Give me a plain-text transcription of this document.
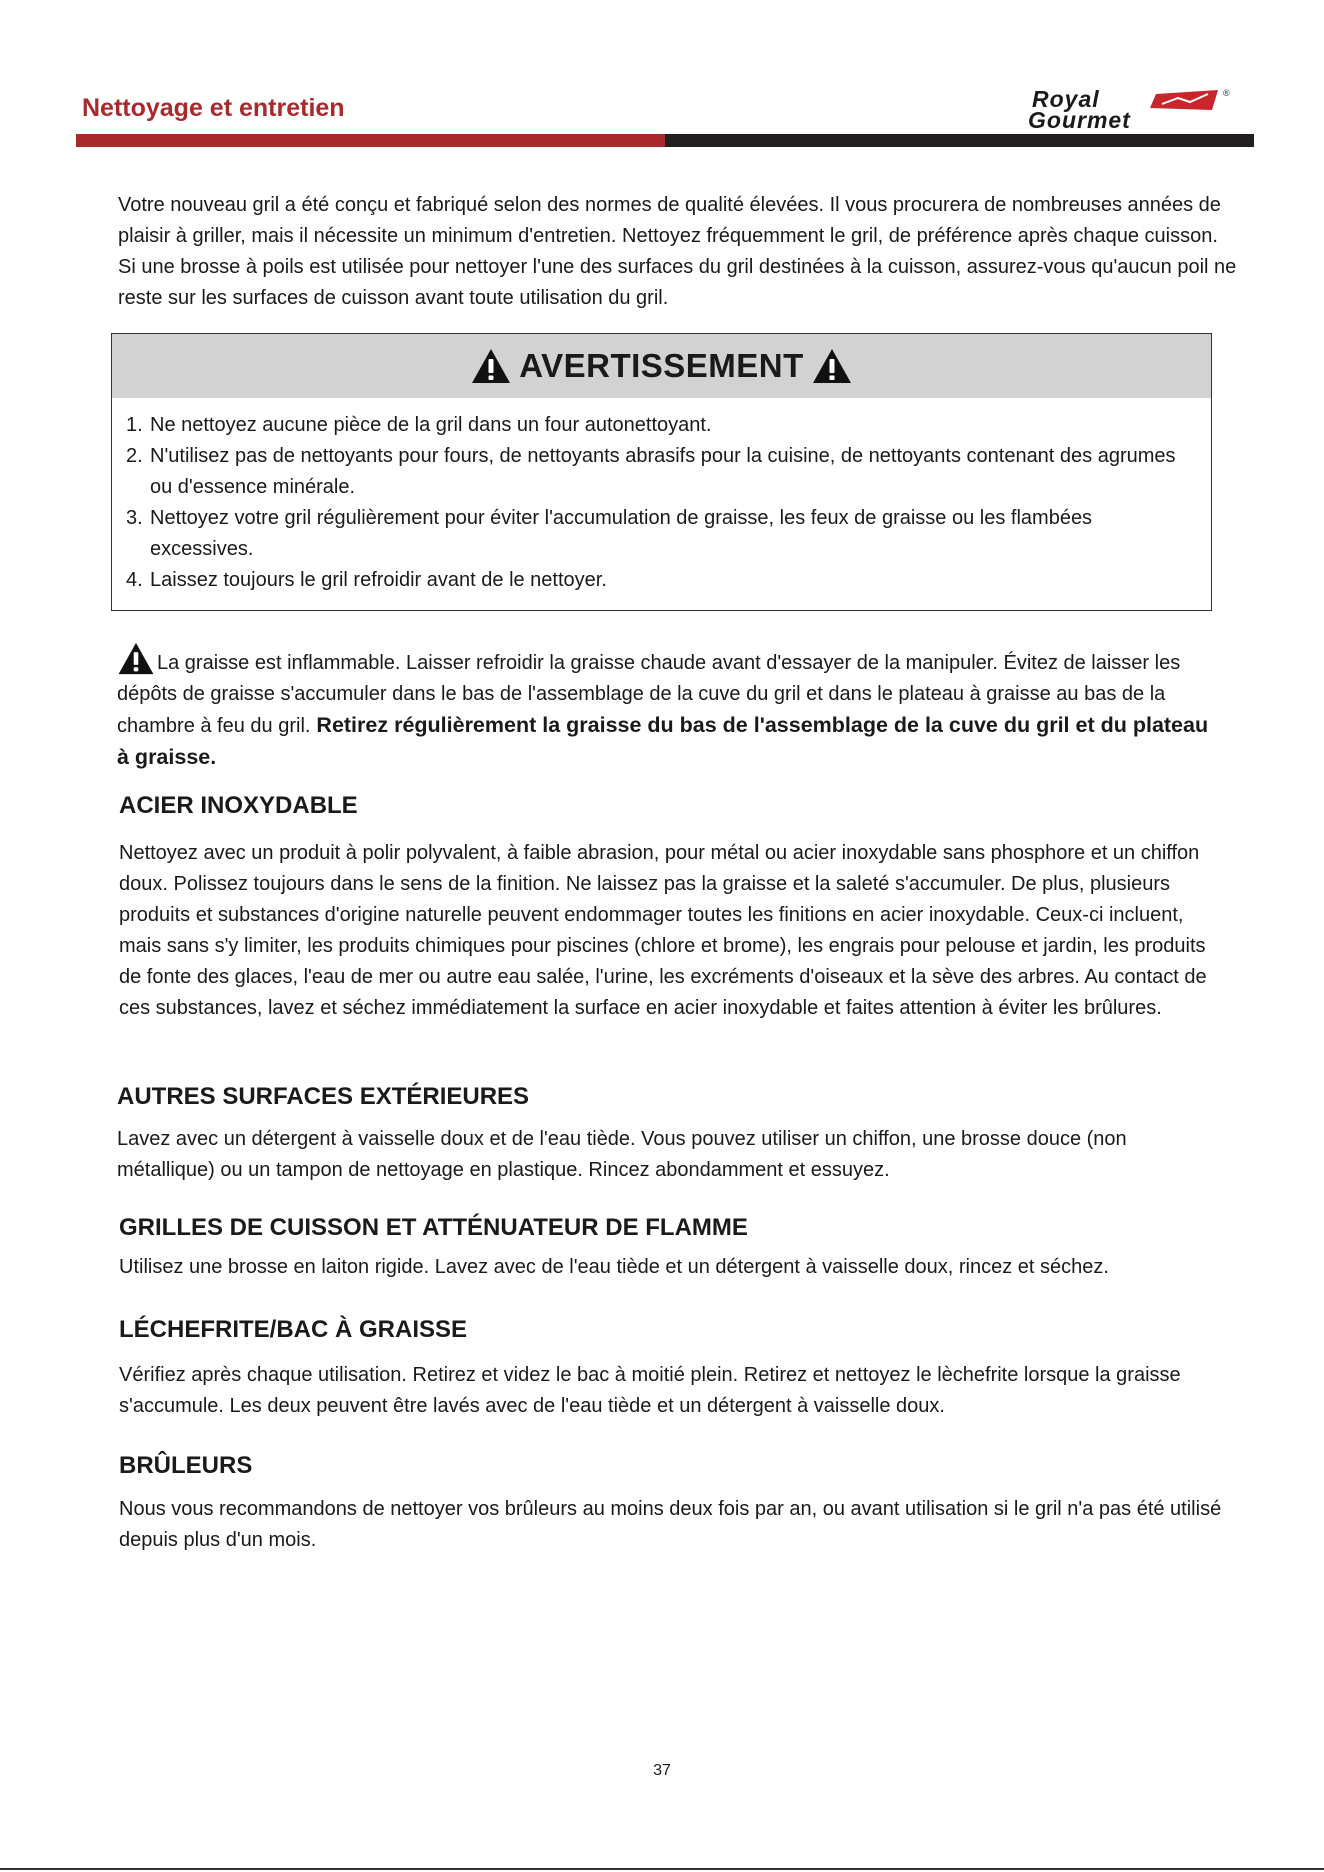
Nettoyage et entretien	Royal
Gourmet
®

Votre nouveau gril a été conçu et fabriqué selon des normes de qualité élevées. Il vous procurera de nombreuses années de plaisir à griller, mais il nécessite un minimum d'entretien. Nettoyez fréquemment le gril, de préférence après chaque cuisson. Si une brosse à poils est utilisée pour nettoyer l'une des surfaces du gril destinées à la cuisson, assurez-vous qu'aucun poil ne reste sur les surfaces de cuisson avant toute utilisation du gril.

AVERTISSEMENT
1. Ne nettoyez aucune pièce de la gril dans un four autonettoyant.
2. N'utilisez pas de nettoyants pour fours, de nettoyants abrasifs pour la cuisine, de nettoyants contenant des agrumes ou d'essence minérale.
3. Nettoyez votre gril régulièrement pour éviter l'accumulation de graisse, les feux de graisse ou les flambées excessives.
4. Laissez toujours le gril refroidir avant de le nettoyer.

La graisse est inflammable. Laisser refroidir la graisse chaude avant d'essayer de la manipuler. Évitez de laisser les dépôts de graisse s'accumuler dans le bas de l'assemblage de la cuve du gril et dans le plateau à graisse au bas de la chambre à feu du gril. Retirez régulièrement la graisse du bas de l'assemblage de la cuve du gril et du plateau à graisse.

ACIER INOXYDABLE

Nettoyez avec un produit à polir polyvalent, à faible abrasion, pour métal ou acier inoxydable sans phosphore et un chiffon doux. Polissez toujours dans le sens de la finition. Ne laissez pas la graisse et la saleté s'accumuler. De plus, plusieurs produits et substances d'origine naturelle peuvent endommager toutes les finitions en acier inoxydable. Ceux-ci incluent, mais sans s'y limiter, les produits chimiques pour piscines (chlore et brome), les engrais pour pelouse et jardin, les produits de fonte des glaces, l'eau de mer ou autre eau salée, l'urine, les excréments d'oiseaux et la sève des arbres. Au contact de ces substances, lavez et séchez immédiatement la surface en acier inoxydable et faites attention à éviter les brûlures.

AUTRES SURFACES EXTÉRIEURES

Lavez avec un détergent à vaisselle doux et de l'eau tiède. Vous pouvez utiliser un chiffon, une brosse douce (non métallique) ou un tampon de nettoyage en plastique. Rincez abondamment et essuyez.

GRILLES DE CUISSON ET ATTÉNUATEUR DE FLAMME

Utilisez une brosse en laiton rigide. Lavez avec de l'eau tiède et un détergent à vaisselle doux, rincez et séchez.

LÉCHEFRITE/BAC À GRAISSE

Vérifiez après chaque utilisation. Retirez et videz le bac à moitié plein. Retirez et nettoyez le lèchefrite lorsque la graisse s'accumule. Les deux peuvent être lavés avec de l'eau tiède et un détergent à vaisselle doux.

BRÛLEURS

Nous vous recommandons de nettoyer vos brûleurs au moins deux fois par an, ou avant utilisation si le gril n'a pas été utilisé depuis plus d'un mois.

37
